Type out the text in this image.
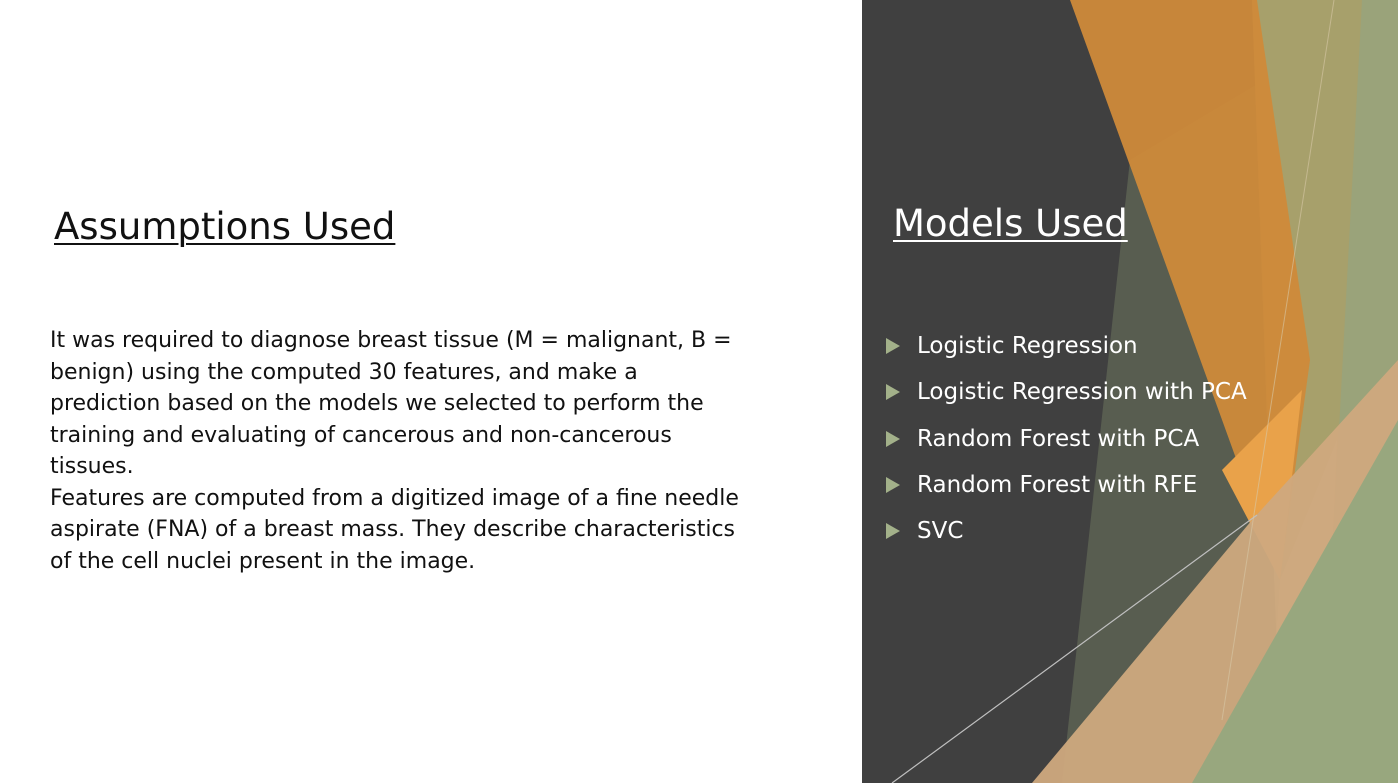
Assumptions Used

It was required to diagnose breast tissue (M = malignant, B = benign) using the computed 30 features, and make a prediction based on the models we selected to perform the training and evaluating of cancerous and non-cancerous tissues.

Features are computed from a digitized image of a fine needle aspirate (FNA) of a breast mass. They describe characteristics of the cell nuclei present in the image.

Models Used
Logistic Regression
Logistic Regression with PCA
Random Forest with PCA
Random Forest with RFE
SVC
